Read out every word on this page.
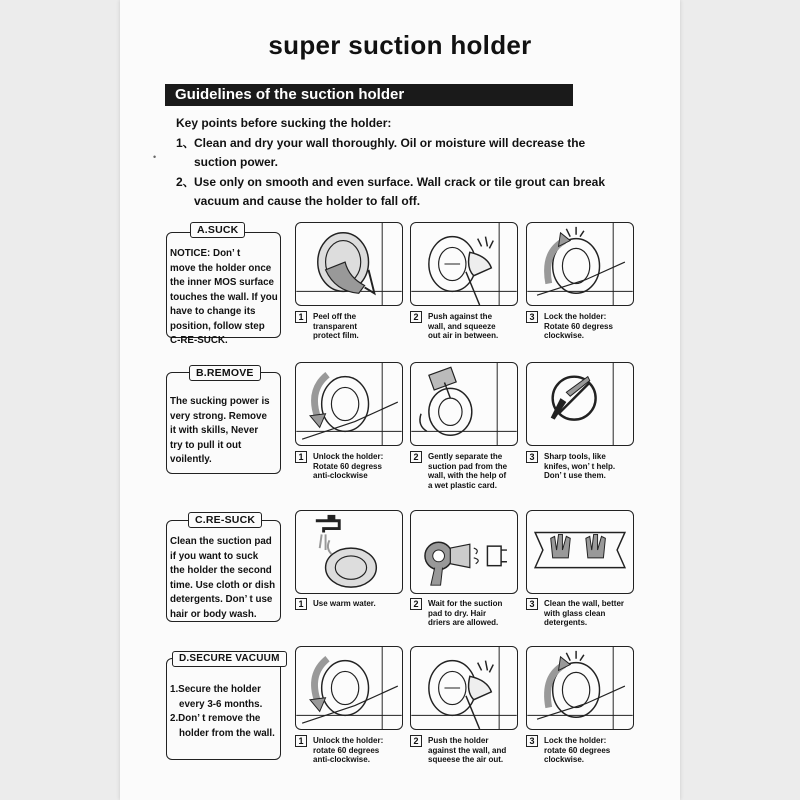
•
super suction holder
Guidelines of the suction holder
Key points before sucking the holder:
1、 Clean and dry your wall thoroughly. Oil or moisture will decrease the
suction power.
2、 Use only on smooth and even surface. Wall crack or tile grout can break
vacuum and cause the holder to fall off.
NOTICE: Don’ t
move the holder once
the inner MOS surface
touches the wall. If you
have to change its
position, follow step
C-RE-SUCK.
A.SUCK
1	Peel off the
transparent
protect film.
2	Push against the
wall, and squeeze
out air in between.
3	Lock the holder:
Rotate 60 degress
clockwise.
The sucking power is
very strong. Remove
it with skills, Never
try to pull it out
voilently.
B.REMOVE
1	Unlock the holder:
Rotate 60 degress
anti-clockwise
2	Gently separate the
suction pad from the
wall, with the help of
a wet plastic card.
3	Sharp tools, like
knifes, won’ t help.
Don’ t use them.
Clean the suction pad
if you want to suck
the holder the second
time. Use cloth or dish
detergents. Don’ t use
hair or body wash.
C.RE-SUCK
1	Use warm water.	2	Wait for the suction
pad to dry. Hair
driers are allowed.
3	Clean the wall, better
with glass clean
detergents.
1.Secure the holder
every 3-6 months.
2.Don’ t remove the
holder from the wall.
D.SECURE VACUUM
1	Unlock the holder:
rotate 60 degrees
anti-clockwise.
2	Push the holder
against the wall, and
squeese the air out.
3	Lock the holder:
rotate 60 degrees
clockwise.
